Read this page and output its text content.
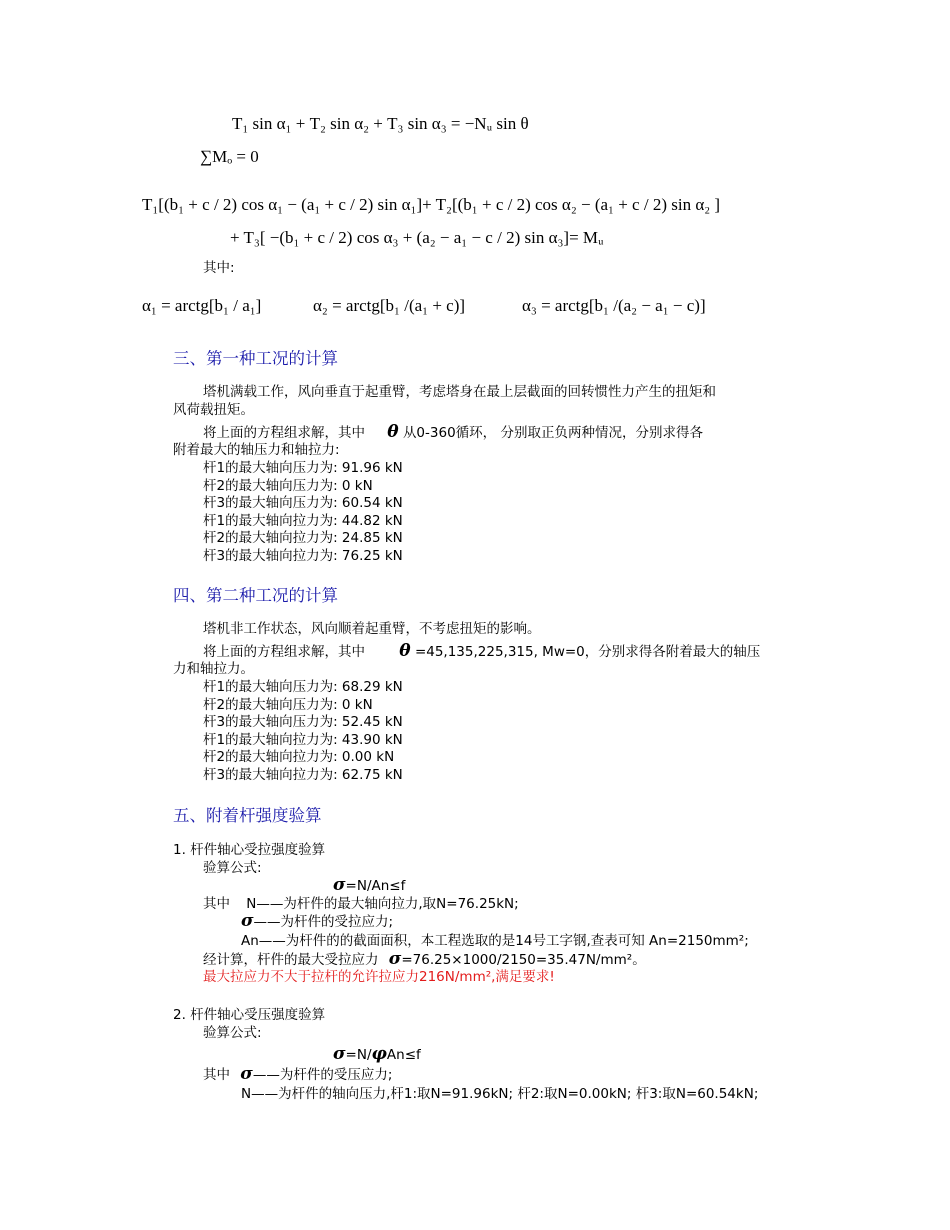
T₁ sin α₁ + T₂ sin α₂ + T₃ sin α₃ = −Nᵤ sin θ
∑Mₒ = 0
T₁[(b₁ + c / 2) cos α₁ − (a₁ + c / 2) sin α₁]+ T₂[(b₁ + c / 2) cos α₂ − (a₁ + c / 2) sin α₂ ]
+ T₃[ −(b₁ + c / 2) cos α₃ + (a₂ − a₁ − c / 2) sin α₃]= Mᵤ
其中:
α₁ = arctg[b₁ / a₁]	α₂ = arctg[b₁ /(a₁ + c)]	α₃ = arctg[b₁ /(a₂ − a₁ − c)]
三、第一种工况的计算
塔机满载工作，风向垂直于起重臂，考虑塔身在最上层截面的回转惯性力产生的扭矩和
风荷载扭矩。
将上面的方程组求解，其中 θ 从0-360循环， 分别取正负两种情况，分别求得各
附着最大的轴压力和轴拉力:
杆1的最大轴向压力为: 91.96 kN
杆2的最大轴向压力为: 0 kN
杆3的最大轴向压力为: 60.54 kN
杆1的最大轴向拉力为: 44.82 kN
杆2的最大轴向拉力为: 24.85 kN
杆3的最大轴向拉力为: 76.25 kN
四、第二种工况的计算
塔机非工作状态，风向顺着起重臂，不考虑扭矩的影响。
将上面的方程组求解，其中 θ =45,135,225,315, Mw=0，分别求得各附着最大的轴压
力和轴拉力。
杆1的最大轴向压力为: 68.29 kN
杆2的最大轴向压力为: 0 kN
杆3的最大轴向压力为: 52.45 kN
杆1的最大轴向拉力为: 43.90 kN
杆2的最大轴向拉力为: 0.00 kN
杆3的最大轴向拉力为: 62.75 kN
五、附着杆强度验算
1. 杆件轴心受拉强度验算
验算公式:
σ=N/An≤f
其中 N——为杆件的最大轴向拉力,取N=76.25kN;
σ——为杆件的受拉应力;
An——为杆件的的截面面积，本工程选取的是14号工字钢,查表可知 An=2150mm²;
经计算，杆件的最大受拉应力 σ=76.25×1000/2150=35.47N/mm²。
最大拉应力不大于拉杆的允许拉应力216N/mm²,满足要求!
2. 杆件轴心受压强度验算
验算公式:
σ=N/φAn≤f
其中 σ——为杆件的受压应力;
N——为杆件的轴向压力,杆1:取N=91.96kN; 杆2:取N=0.00kN; 杆3:取N=60.54kN;
